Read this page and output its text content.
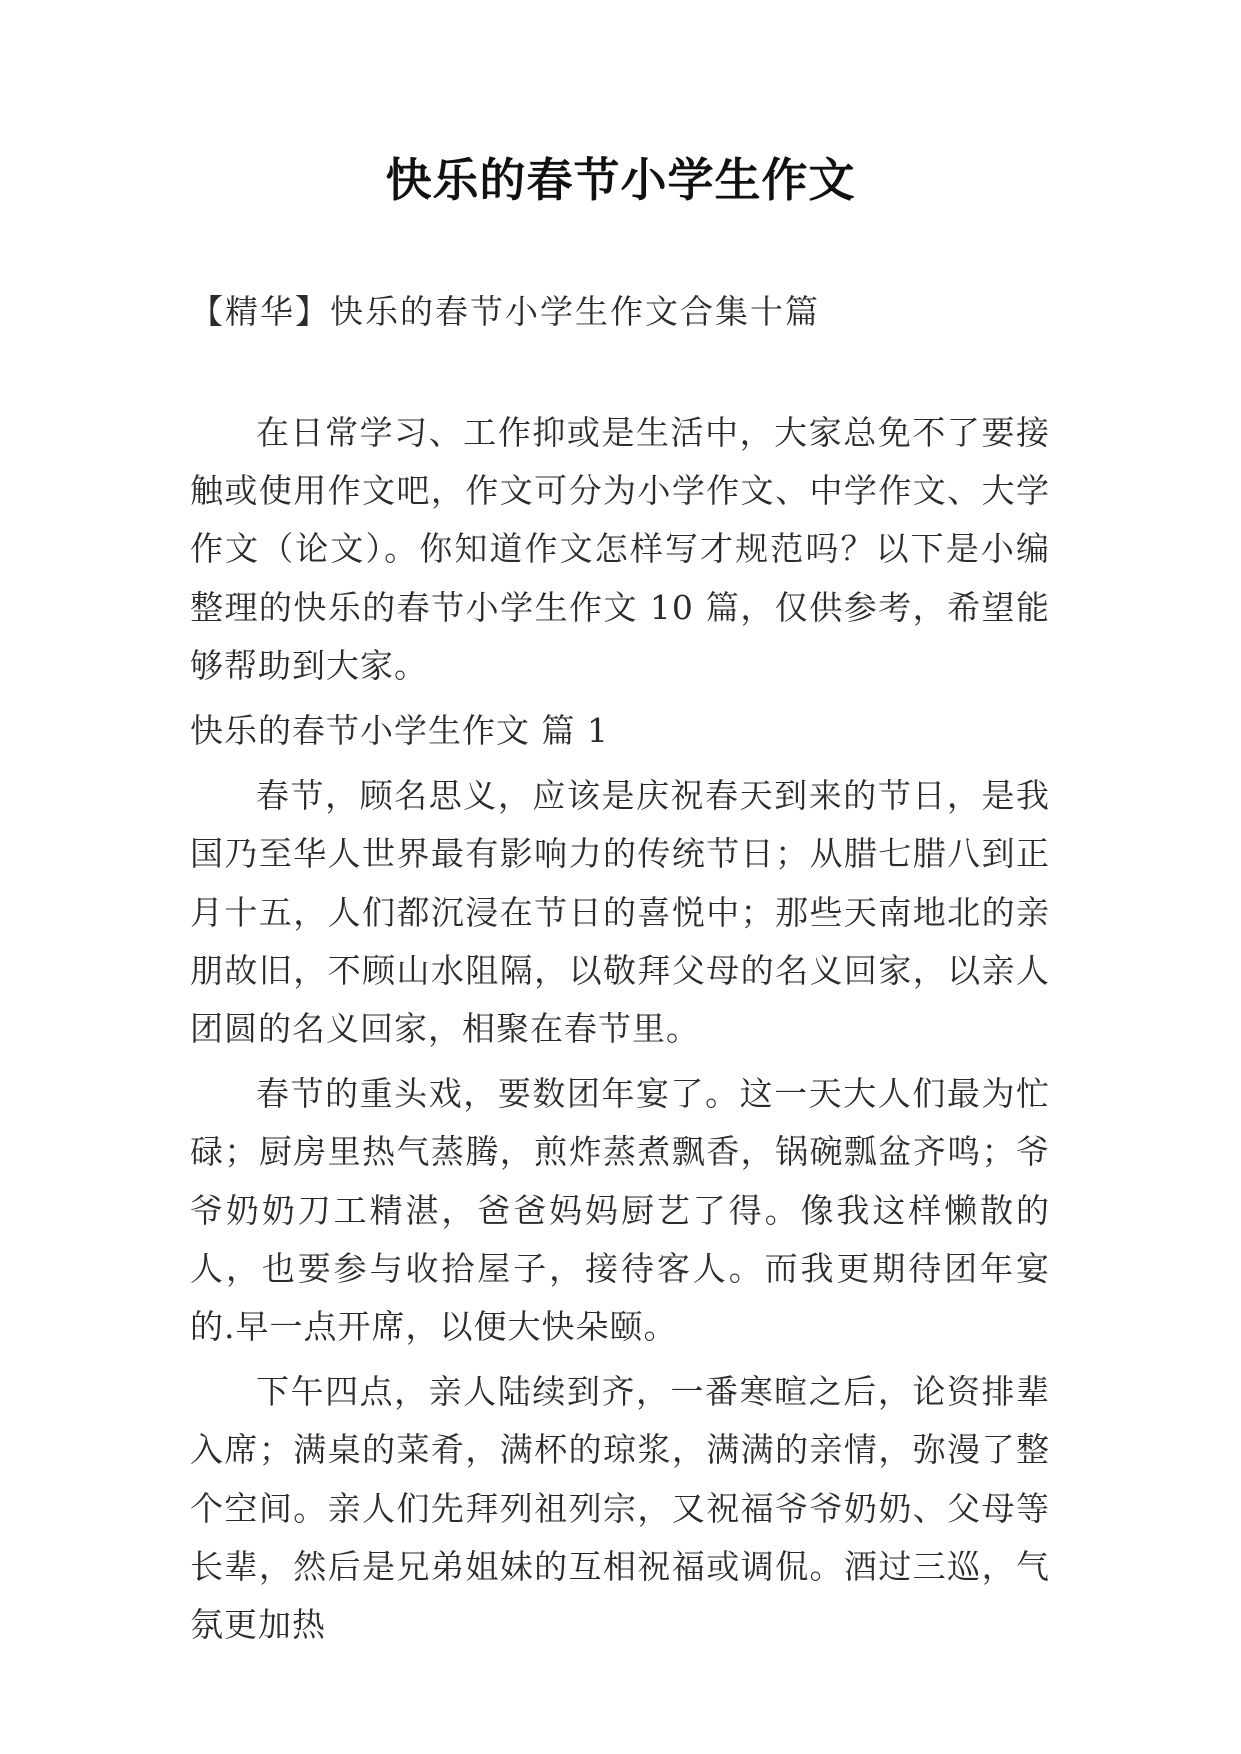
快乐的春节小学生作文

【精华】快乐的春节小学生作文合集十篇

在日常学习、工作抑或是生活中，大家总免不了要接触或使用作文吧，作文可分为小学作文、中学作文、大学作文（论文）。你知道作文怎样写才规范吗？以下是小编整理的快乐的春节小学生作文 10 篇，仅供参考，希望能够帮助到大家。

快乐的春节小学生作文 篇 1

春节，顾名思义，应该是庆祝春天到来的节日，是我国乃至华人世界最有影响力的传统节日；从腊七腊八到正月十五，人们都沉浸在节日的喜悦中；那些天南地北的亲朋故旧，不顾山水阻隔，以敬拜父母的名义回家，以亲人团圆的名义回家，相聚在春节里。

春节的重头戏，要数团年宴了。这一天大人们最为忙碌；厨房里热气蒸腾，煎炸蒸煮飘香，锅碗瓢盆齐鸣；爷爷奶奶刀工精湛，爸爸妈妈厨艺了得。像我这样懒散的人，也要参与收拾屋子，接待客人。而我更期待团年宴的.早一点开席，以便大快朵颐。

下午四点，亲人陆续到齐，一番寒暄之后，论资排辈入席；满桌的菜肴，满杯的琼浆，满满的亲情，弥漫了整个空间。亲人们先拜列祖列宗，又祝福爷爷奶奶、父母等长辈，然后是兄弟姐妹的互相祝福或调侃。酒过三巡，气氛更加热
